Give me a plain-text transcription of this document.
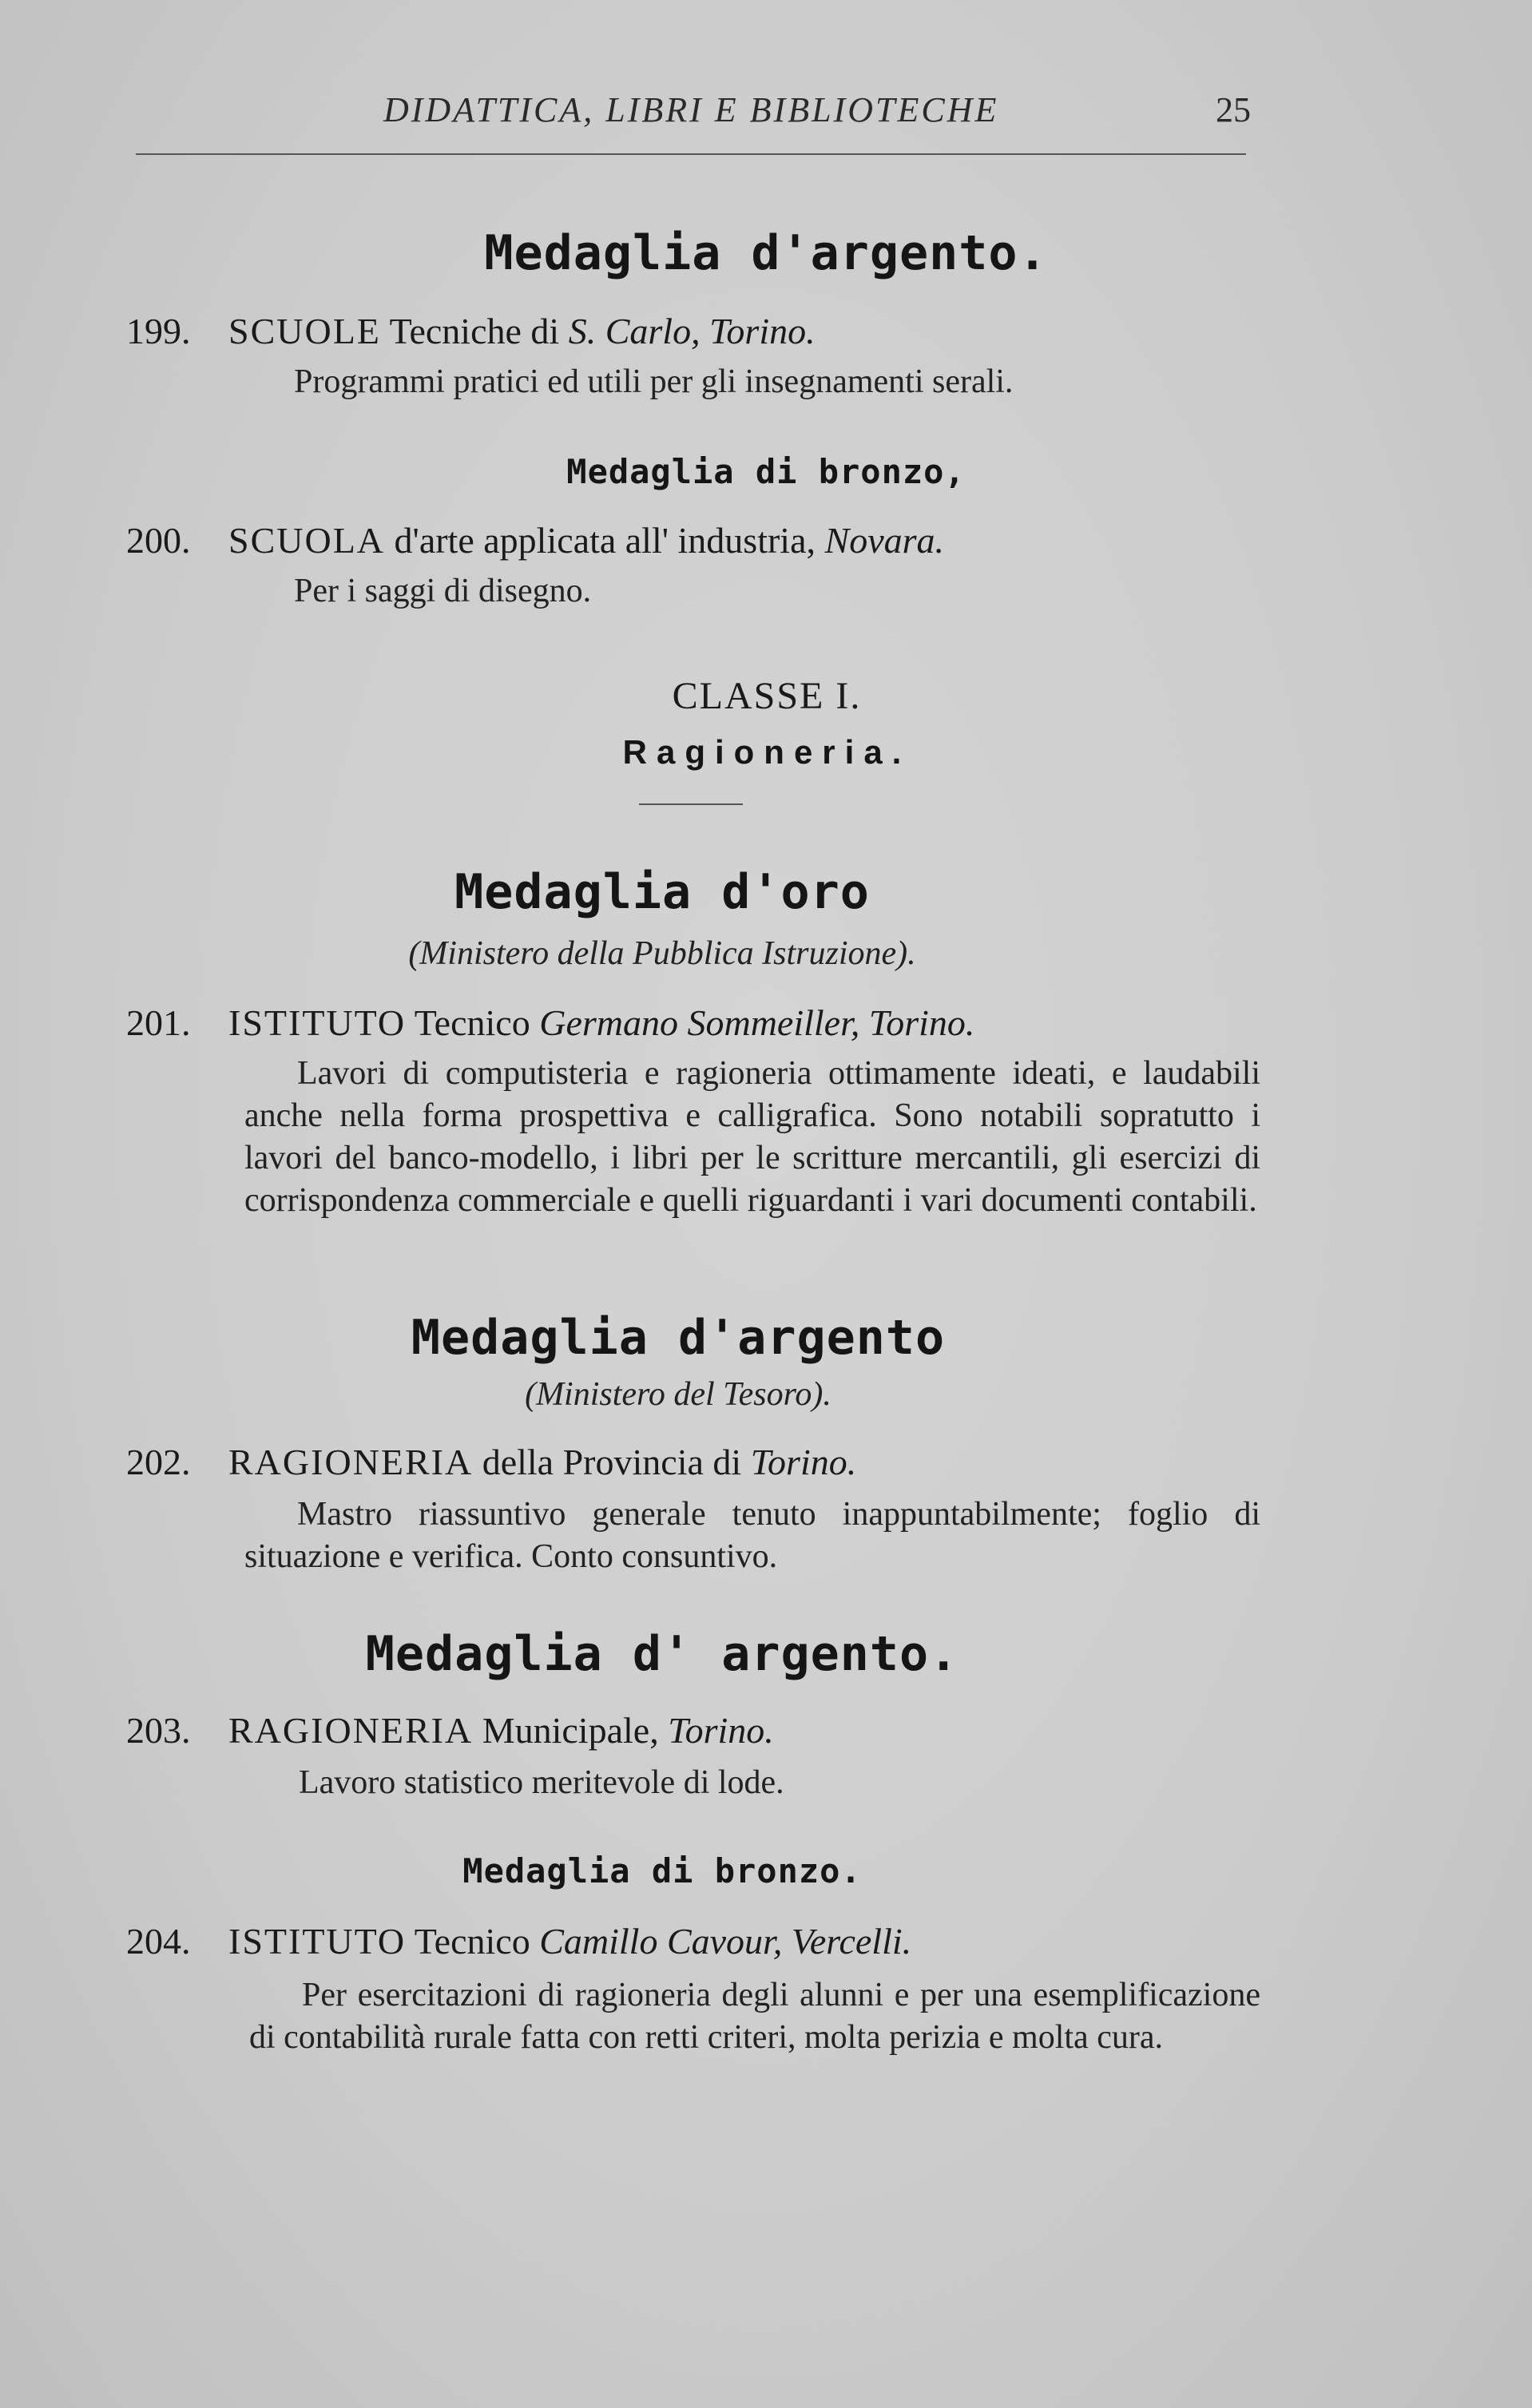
DIDATTICA, LIBRI E BIBLIOTECHE	25
Medaglia d'argento.
199. SCUOLE Tecniche di S. Carlo, Torino.
Programmi pratici ed utili per gli insegnamenti serali.
Medaglia di bronzo,
200. SCUOLA d'arte applicata all' industria, Novara.
Per i saggi di disegno.
CLASSE I.
Ragioneria.
Medaglia d'oro
(Ministero della Pubblica Istruzione).
201. ISTITUTO Tecnico Germano Sommeiller, Torino.
Lavori di computisteria e ragioneria ottimamente ideati, e laudabili anche nella forma prospettiva e calligrafica. Sono notabili sopratutto i lavori del banco-modello, i libri per le scritture mercantili, gli esercizi di corrispondenza commerciale e quelli riguardanti i vari documenti contabili.
Medaglia d'argento
(Ministero del Tesoro).
202. RAGIONERIA della Provincia di Torino.
Mastro riassuntivo generale tenuto inappuntabilmente; foglio di situazione e verifica. Conto consuntivo.
Medaglia d' argento.
203. RAGIONERIA Municipale, Torino.
Lavoro statistico meritevole di lode.
Medaglia di bronzo.
204. ISTITUTO Tecnico Camillo Cavour, Vercelli.
Per esercitazioni di ragioneria degli alunni e per una esemplificazione di contabilità rurale fatta con retti criteri, molta perizia e molta cura.
